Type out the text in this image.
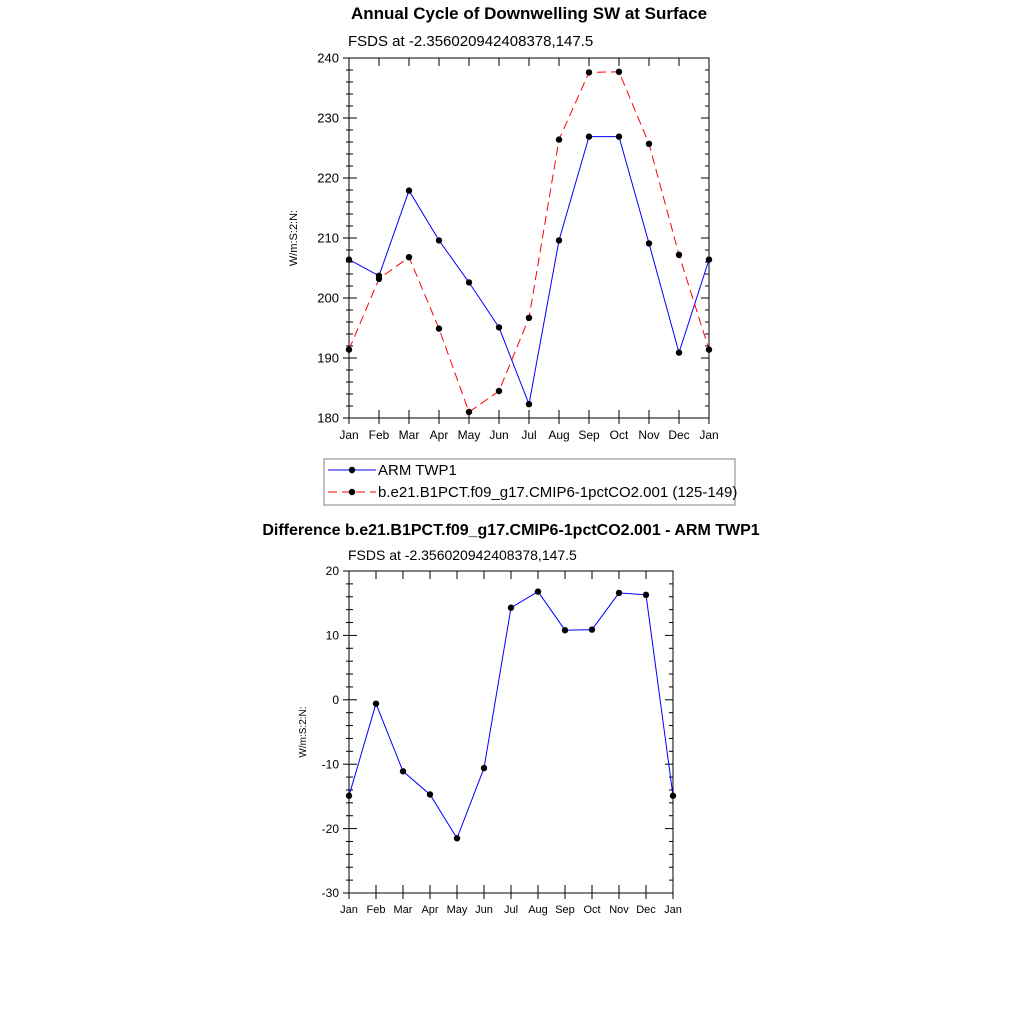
Annual Cycle of Downwelling SW at Surface
FSDS at -2.356020942408378,147.5
W/m:S:2:N:
180
190
200
210
220
230
240
Jan Feb Mar Apr May Jun Jul Aug Sep Oct Nov Dec Jan
ARM TWP1
b.e21.B1PCT.f09_g17.CMIP6-1pctCO2.001 (125-149)
Difference b.e21.B1PCT.f09_g17.CMIP6-1pctCO2.001 - ARM TWP1
FSDS at -2.356020942408378,147.5
W/m:S:2:N:
-30
-20
-10
0
10
20
Jan Feb Mar Apr May Jun Jul Aug Sep Oct Nov Dec Jan
